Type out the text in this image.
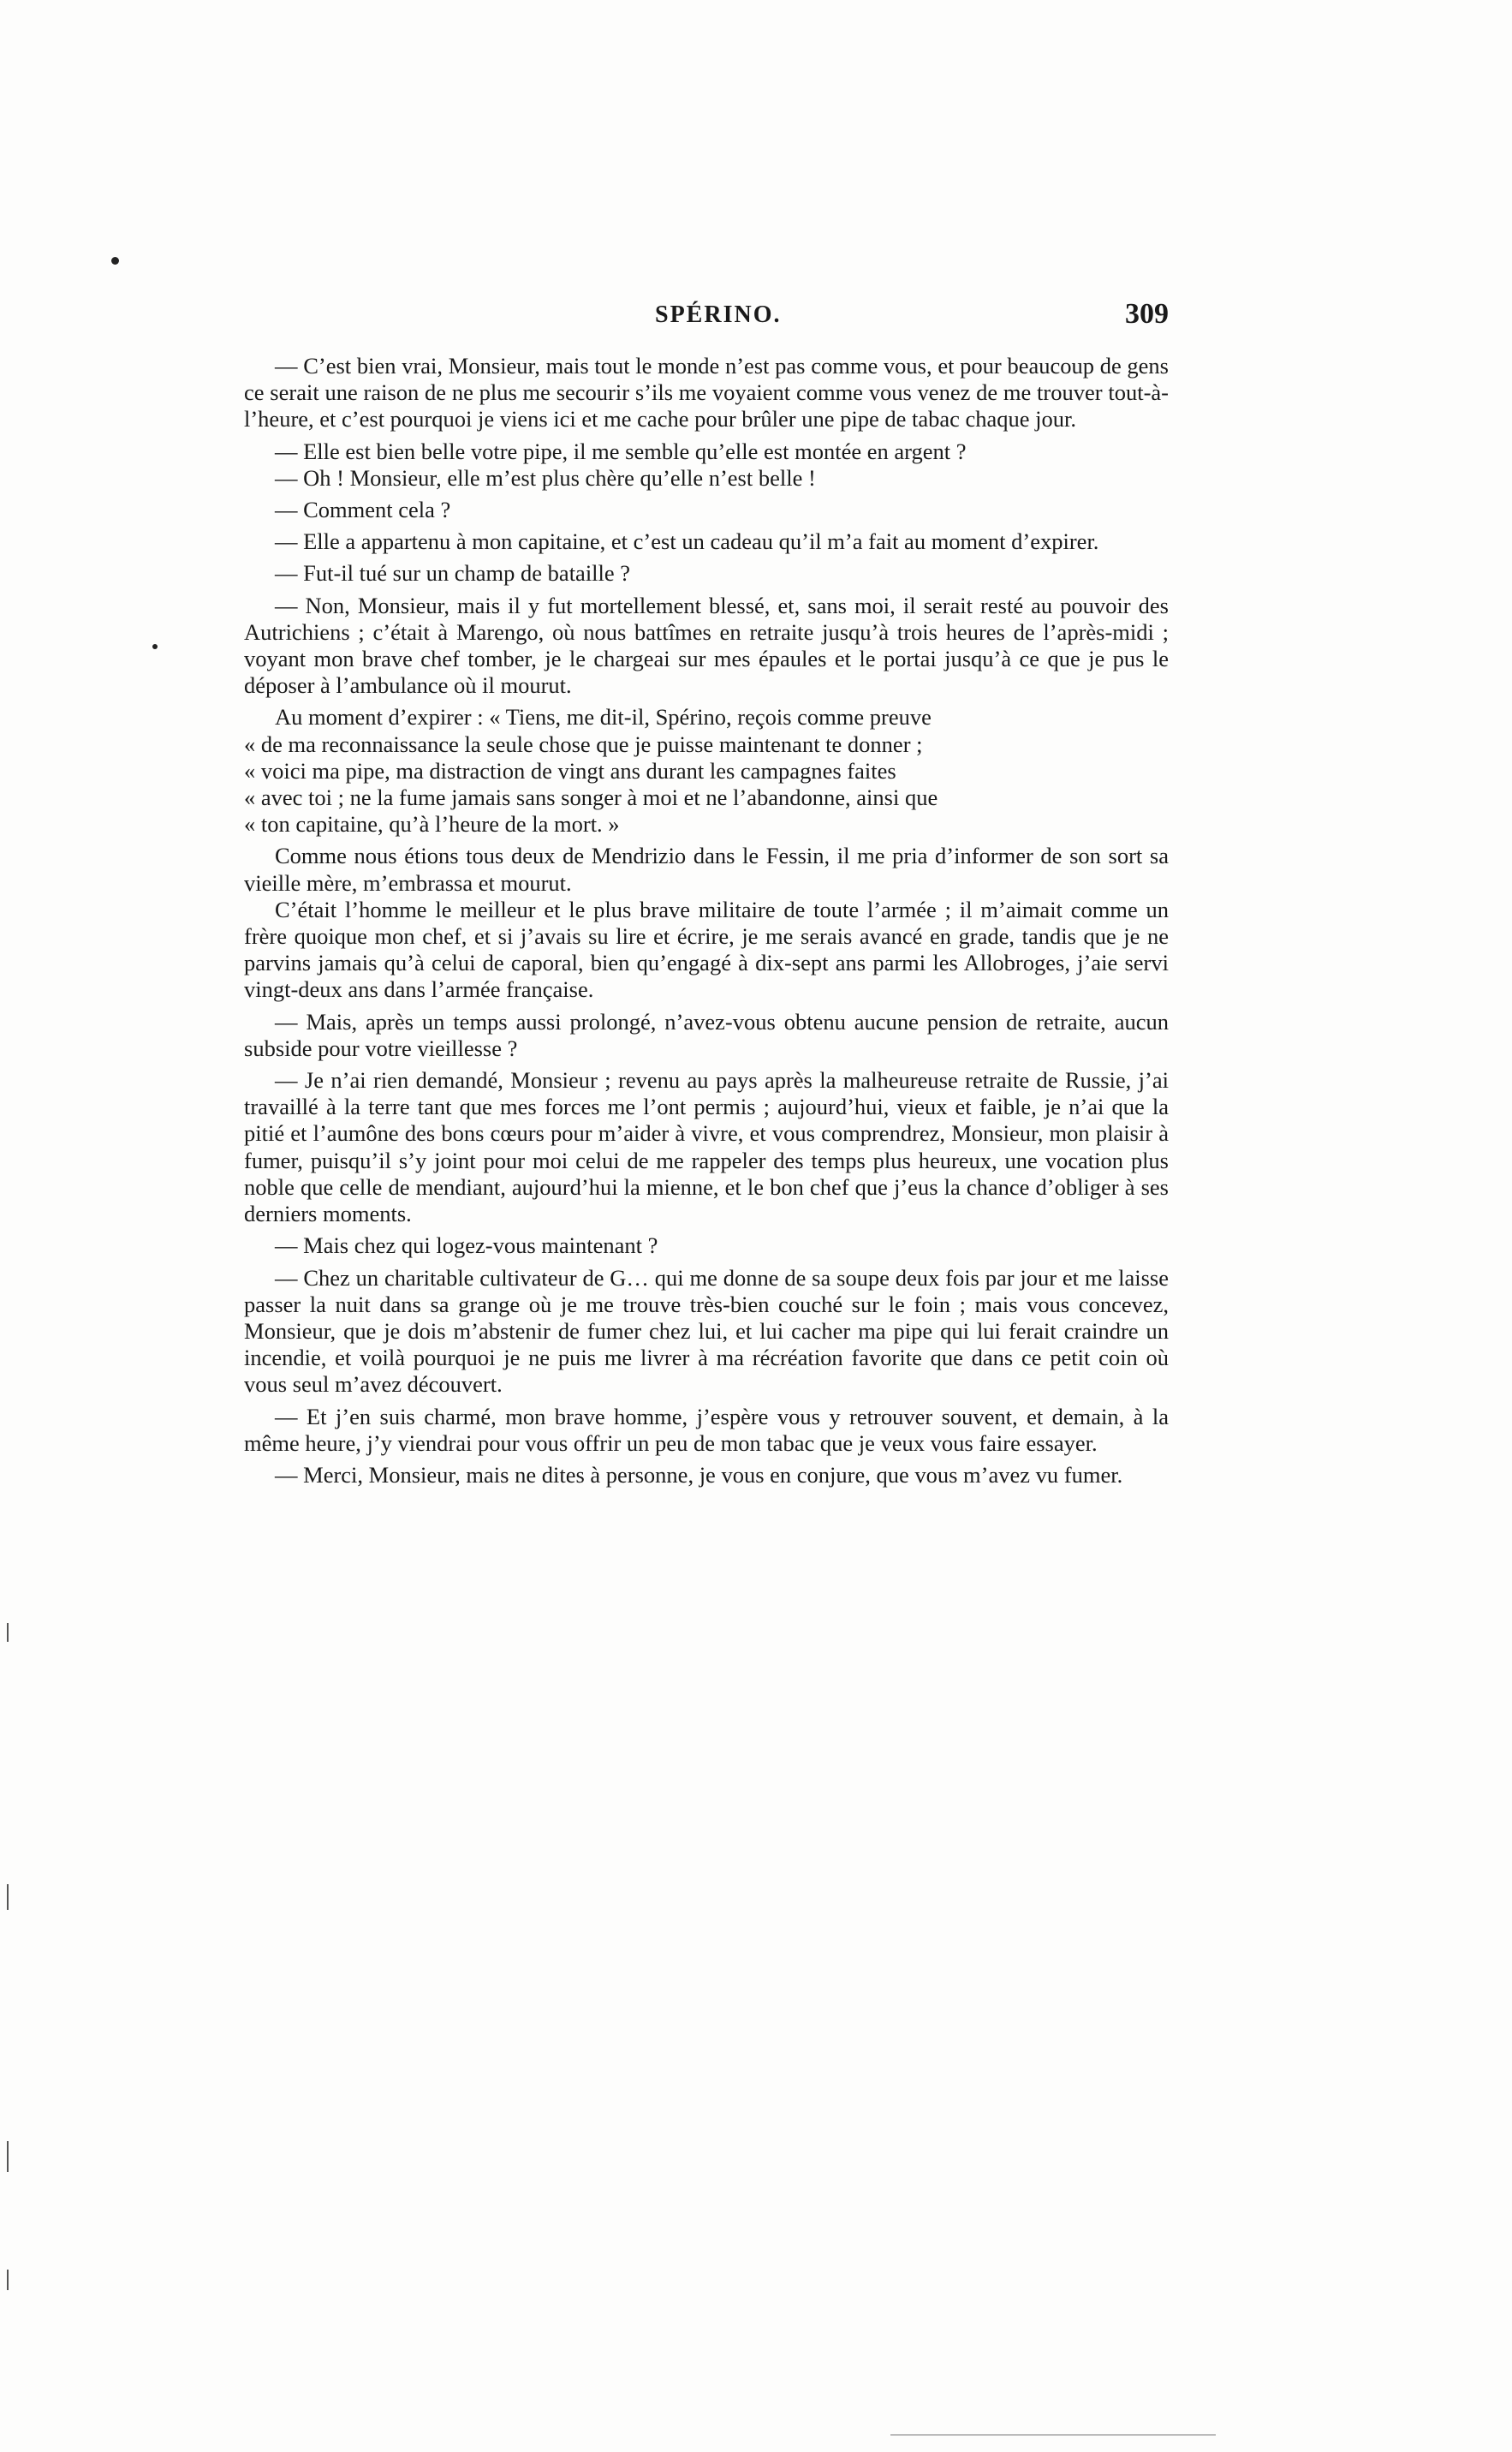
SPÉRINO.	309

— C’est bien vrai, Monsieur, mais tout le monde n’est pas comme vous, et pour beaucoup de gens ce serait une raison de ne plus me secourir s’ils me voyaient comme vous venez de me trouver tout-à-l’heure, et c’est pourquoi je viens ici et me cache pour brûler une pipe de tabac chaque jour.

— Elle est bien belle votre pipe, il me semble qu’elle est montée en argent ?

— Oh ! Monsieur, elle m’est plus chère qu’elle n’est belle !

— Comment cela ?

— Elle a appartenu à mon capitaine, et c’est un cadeau qu’il m’a fait au moment d’expirer.

— Fut-il tué sur un champ de bataille ?

— Non, Monsieur, mais il y fut mortellement blessé, et, sans moi, il serait resté au pouvoir des Autrichiens ; c’était à Marengo, où nous battîmes en retraite jusqu’à trois heures de l’après-midi ; voyant mon brave chef tomber, je le chargeai sur mes épaules et le portai jusqu’à ce que je pus le déposer à l’ambulance où il mourut.

Au moment d’expirer : « Tiens, me dit-il, Spérino, reçois comme preuve

« de ma reconnaissance la seule chose que je puisse maintenant te donner ;

« voici ma pipe, ma distraction de vingt ans durant les campagnes faites

« avec toi ; ne la fume jamais sans songer à moi et ne l’abandonne, ainsi que

« ton capitaine, qu’à l’heure de la mort. »

Comme nous étions tous deux de Mendrizio dans le Fessin, il me pria d’informer de son sort sa vieille mère, m’embrassa et mourut.

C’était l’homme le meilleur et le plus brave militaire de toute l’armée ; il m’aimait comme un frère quoique mon chef, et si j’avais su lire et écrire, je me serais avancé en grade, tandis que je ne parvins jamais qu’à celui de caporal, bien qu’engagé à dix-sept ans parmi les Allobroges, j’aie servi vingt-deux ans dans l’armée française.

— Mais, après un temps aussi prolongé, n’avez-vous obtenu aucune pension de retraite, aucun subside pour votre vieillesse ?

— Je n’ai rien demandé, Monsieur ; revenu au pays après la malheureuse retraite de Russie, j’ai travaillé à la terre tant que mes forces me l’ont permis ; aujourd’hui, vieux et faible, je n’ai que la pitié et l’aumône des bons cœurs pour m’aider à vivre, et vous comprendrez, Monsieur, mon plaisir à fumer, puisqu’il s’y joint pour moi celui de me rappeler des temps plus heureux, une vocation plus noble que celle de mendiant, aujourd’hui la mienne, et le bon chef que j’eus la chance d’obliger à ses derniers moments.

— Mais chez qui logez-vous maintenant ?

— Chez un charitable cultivateur de G… qui me donne de sa soupe deux fois par jour et me laisse passer la nuit dans sa grange où je me trouve très-bien couché sur le foin ; mais vous concevez, Monsieur, que je dois m’abstenir de fumer chez lui, et lui cacher ma pipe qui lui ferait craindre un incendie, et voilà pourquoi je ne puis me livrer à ma récréation favorite que dans ce petit coin où vous seul m’avez découvert.

— Et j’en suis charmé, mon brave homme, j’espère vous y retrouver souvent, et demain, à la même heure, j’y viendrai pour vous offrir un peu de mon tabac que je veux vous faire essayer.

— Merci, Monsieur, mais ne dites à personne, je vous en conjure, que vous m’avez vu fumer.
